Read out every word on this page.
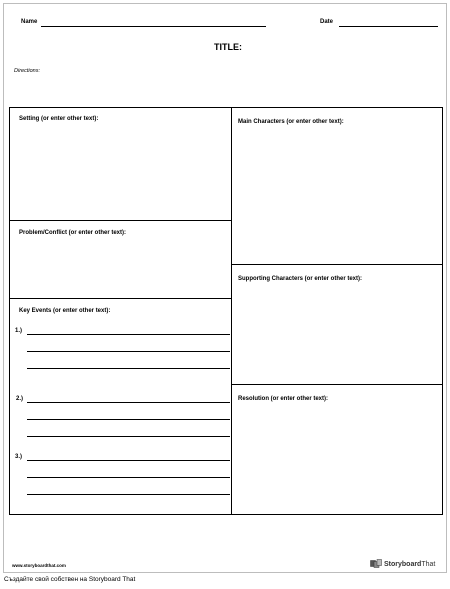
Name	Date
TITLE:
Directions:
Setting (or enter other text):
Problem/Conflict (or enter other text):
Key Events (or enter other text):
1.)
2.)
3.)
Main Characters (or enter other text):
Supporting Characters (or enter other text):
Resolution (or enter other text):
www.storyboardthat.com	StoryboardThat
Създайте свой собствен на Storyboard That
